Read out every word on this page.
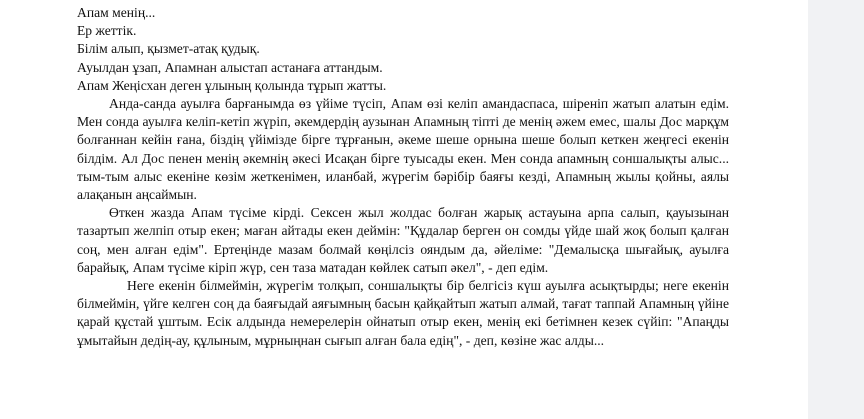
Апам менің...
Ер жеттік.
Білім алып, қызмет-атақ қудық.
Ауылдан ұзап, Апамнан алыстап астанаға аттандым.
Апам Жеңісхан деген ұлының қолында тұрып жатты.

Анда-санда ауылға барғанымда өз үйіме түсіп, Апам өзі келіп амандаспаса, шіреніп жатып алатын едім. Мен сонда ауылға келіп-кетіп жүріп, әкемдердің аузынан Апамның тіпті де менің әжем емес, шалы Дос марқұм болғаннан кейін ғана, біздің үйімізде бірге тұрғанын, әкеме шеше орнына шеше болып кеткен жеңгесі екенін білдім. Ал Дос пенен менің әкемнің әкесі Исақан бірге туысады екен. Мен сонда апамның соншалықты алыс... тым-тым алыс екеніне көзім жеткенімен, иланбай, жүрегім бәрібір баяғы кезді, Апамның жылы қойны, аялы алақанын аңсаймын.

Өткен жазда Апам түсіме кірді. Сексен жыл жолдас болған жарық астауына арпа салып, қауызынан тазартып желпіп отыр екен; маған айтады екен деймін: "Құдалар берген он сомды үйде шай жоқ болып қалған соң, мен алған едім". Ертеңінде мазам болмай көңілсіз ояндым да, әйеліме: "Демалысқа шығайық, ауылға барайық, Апам түсіме кіріп жүр, сен таза матадан көйлек сатып әкел", - деп едім.

Неге екенін білмеймін, жүрегім толқып, соншалықты бір белгісіз күш ауылға асықтырды; неге екенін білмеймін, үйге келген соң да баяғыдай аяғымның басын қайқайтып жатып алмай, тағат таппай Апамның үйіне қарай құстай ұштым. Есік алдында немерелерін ойнатып отыр екен, менің екі бетімнен кезек сүйіп: "Апаңды ұмытайын дедің-ау, құлыным, мұрныңнан сығып алған бала едің", - деп, көзіне жас алды...
